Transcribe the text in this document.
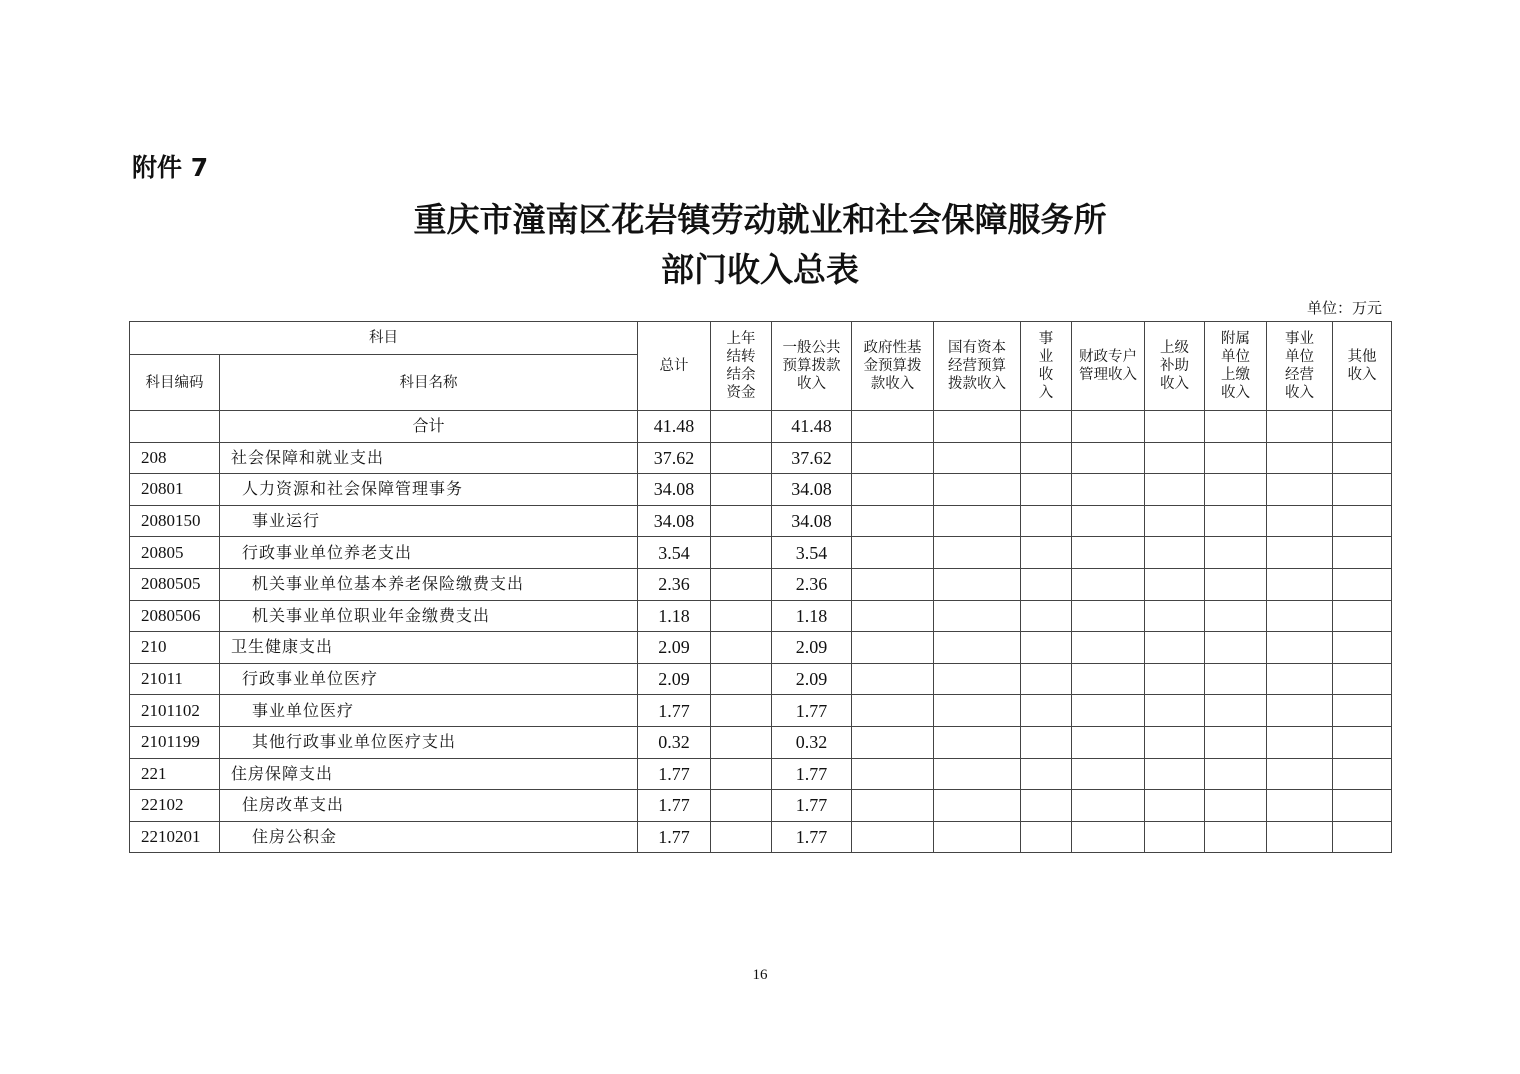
附件 7
重庆市潼南区花岩镇劳动就业和社会保障服务所
部门收入总表
单位：万元
科目		总计	上年结转结余资金	一般公共预算拨款收入	政府性基金预算拨款收入	国有资本经营预算拨款收入	事业收入	财政专户管理收入	上级补助收入	附属单位上缴收入	事业单位经营收入	其他收入

科目编码	科目名称											
	合计	41.48		41.48								
208	社会保障和就业支出	37.62		37.62								
20801	人力资源和社会保障管理事务	34.08		34.08								
2080150	事业运行	34.08		34.08								
20805	行政事业单位养老支出	3.54		3.54								
2080505	机关事业单位基本养老保险缴费支出	2.36		2.36								
2080506	机关事业单位职业年金缴费支出	1.18		1.18								
210	卫生健康支出	2.09		2.09								
21011	行政事业单位医疗	2.09		2.09								
2101102	事业单位医疗	1.77		1.77								
2101199	其他行政事业单位医疗支出	0.32		0.32								
221	住房保障支出	1.77		1.77								
22102	住房改革支出	1.77		1.77								
2210201	住房公积金	1.77		1.77								
16
